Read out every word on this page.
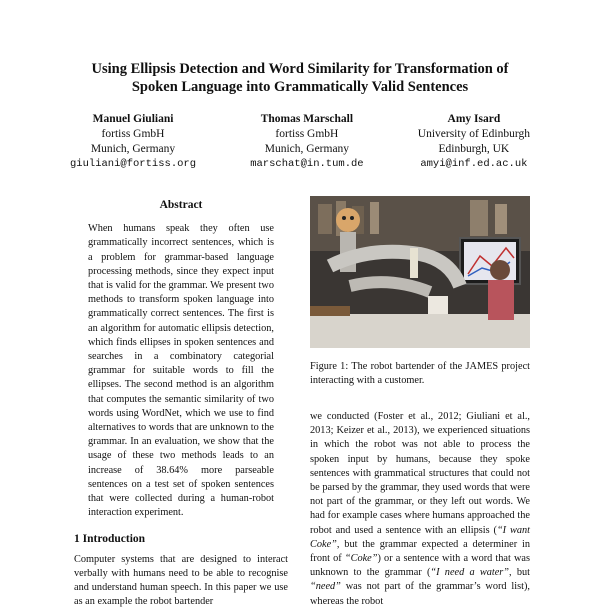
Using Ellipsis Detection and Word Similarity for Transformation of
Spoken Language into Grammatically Valid Sentences
Manuel Giuliani
fortiss GmbH
Munich, Germany
giuliani@fortiss.org
Thomas Marschall
fortiss GmbH
Munich, Germany
marschat@in.tum.de
Amy Isard
University of Edinburgh
Edinburgh, UK
amyi@inf.ed.ac.uk
Abstract
When humans speak they often use grammatically incorrect sentences, which is a problem for grammar-based language processing methods, since they expect input that is valid for the grammar. We present two methods to transform spoken language into grammatically correct sentences. The first is an algorithm for automatic ellipsis detection, which finds ellipses in spoken sentences and searches in a combinatory categorial grammar for suitable words to fill the ellipses. The second method is an algorithm that computes the semantic similarity of two words using WordNet, which we use to find alternatives to words that are unknown to the grammar. In an evaluation, we show that the usage of these two methods leads to an increase of 38.64% more parseable sentences on a test set of spoken sentences that were collected during a human-robot interaction experiment.
1 Introduction
Computer systems that are designed to interact verbally with humans need to be able to recognise and understand human speech. In this paper we use as an example the robot bartender
Figure 1: The robot bartender of the JAMES project interacting with a customer.
we conducted (Foster et al., 2012; Giuliani et al., 2013; Keizer et al., 2013), we experienced situations in which the robot was not able to process the spoken input by humans, because they spoke sentences with grammatical structures that could not be parsed by the grammar, they used words that were not part of the grammar, or they left out words. We had for example cases where humans approached the robot and used a sentence with an ellipsis (“I want Coke”, but the grammar expected a determiner in front of “Coke”) or a sentence with a word that was unknown to the grammar (“I need a water”, but “need” was not part of the grammar’s word list), whereas the robot
